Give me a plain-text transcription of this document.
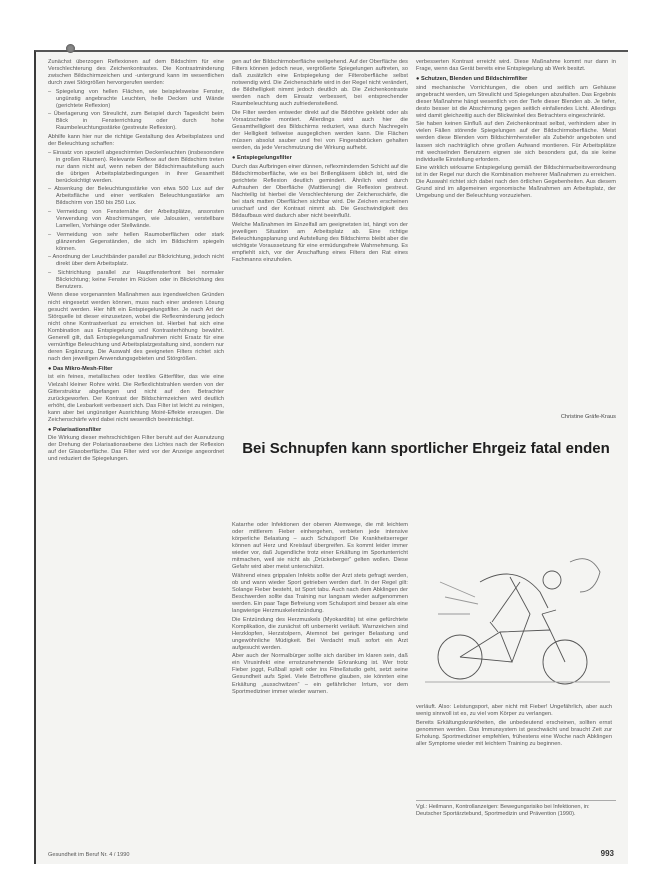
Zunächst überzogen Reflexionen auf dem Bildschirm für eine Verschlechterung des Zeichenkontrastes. Die Kontrastminderung zwischen Bildschirmzeichen und -untergrund kann im wesentlichen durch zwei Störgrößen hervorgerufen werden:

– Spiegelung von hellen Flächen, wie beispielsweise Fenster, ungünstig angebrachte Leuchten, helle Decken und Wände (gerichtete Reflexion)

– Überlagerung von Streulicht, zum Beispiel durch Tageslicht beim Blick in Fensterrichtung oder durch hohe Raumbeleuchtungsstärke (gestreute Reflexion).

Abhilfe kann hier nur die richtige Gestaltung des Arbeitsplatzes und der Beleuchtung schaffen:

– Einsatz von speziell abgeschirmten Deckenleuchten (insbesondere in großen Räumen). Relevante Reflexe auf dem Bildschirm treten nur dann nicht auf, wenn neben der Bildschirmaufstellung auch die übrigen Arbeitsplatzbedingungen in ihrer Gesamtheit berücksichtigt werden.

– Absenkung der Beleuchtungsstärke von etwa 500 Lux auf der Arbeitsfläche und einer vertikalen Beleuchtungsstärke am Bildschirm von 150 bis 250 Lux.

– Vermeidung von Fensternähe der Arbeitsplätze, ansonsten Verwendung von Abschirmungen, wie Jalousien, verstellbare Lamellen, Vorhänge oder Stellwände.

– Vermeidung von sehr hellen Raumoberflächen oder stark glänzenden Gegenständen, die sich im Bildschirm spiegeln können.

– Anordnung der Leuchtbänder parallel zur Blickrichtung, jedoch nicht direkt über dem Arbeitsplatz.

– Sichtrichtung parallel zur Hauptfensterfront bei normaler Blickrichtung; keine Fenster im Rücken oder in Blickrichtung des Benutzers.

Wenn diese vorgenannten Maßnahmen aus irgendwelchen Gründen nicht eingesetzt werden können, muss nach einer anderen Lösung gesucht werden. Hier hilft ein Entspiegelungsfilter. Je nach Art der Störquelle ist dieser einzusetzen, wobei die Reflexminderung jedoch nicht ohne Kontrastverlust zu erreichen ist. Hierbei hat sich eine Kombination aus Entspiegelung und Kontrasterhöhung bewährt. Generell gilt, daß Entspiegelungsmaßnahmen nicht Ersatz für eine vernünftige Beleuchtung und Arbeitsplatzgestaltung sind, sondern nur deren Ergänzung. Die Auswahl des geeigneten Filters richtet sich nach den jeweiligen Anwendungsgebieten und Störgrößen.

● Das Mikro-Mesh-Filter

ist ein feines, metallisches oder textiles Gitterfilter, das wie eine Vielzahl kleiner Rohre wirkt. Die Reflexlichtstrahlen werden von der Gitterstruktur abgefangen und nicht auf den Betrachter zurückgeworfen. Der Kontrast der Bildschirmzeichen wird deutlich erhöht, die Lesbarkeit verbessert sich. Das Filter ist leicht zu reinigen, kann aber bei ungünstiger Ausrichtung Moiré-Effekte erzeugen. Die Zeichenschärfe wird dabei nicht wesentlich beeinträchtigt.

● Polarisationsfilter

Die Wirkung dieser mehrschichtigen Filter beruht auf der Ausnutzung der Drehung der Polarisationsebene des Lichtes nach der Reflexion auf der Glasoberfläche. Das Filter wird vor der Anzeige angeordnet und reduziert die Spiegelungen.

gen auf der Bildschirmoberfläche weitgehend. Auf der Oberfläche des Filters können jedoch neue, vergrößerte Spiegelungen auftreten, so daß zusätzlich eine Entspiegelung der Filteroberfläche selbst notwendig wird. Die Zeichenschärfe wird in der Regel nicht verändert, die Bildhelligkeit nimmt jedoch deutlich ab. Die Zeichenkontraste werden nach dem Einsatz verbessert, bei entsprechender Raumbeleuchtung auch zufriedenstellend.

Die Filter werden entweder direkt auf die Bildröhre geklebt oder als Vorsatzscheibe montiert. Allerdings wird auch hier die Gesamthelligkeit des Bildschirms reduziert, was durch Nachregeln der Helligkeit teilweise ausgeglichen werden kann. Die Flächen müssen absolut sauber und frei von Fingerabdrücken gehalten werden, da jede Verschmutzung die Wirkung aufhebt.

● Entspiegelungsfilter

Durch das Aufbringen einer dünnen, reflexmindernden Schicht auf die Bildschirmoberfläche, wie es bei Brillengläsern üblich ist, wird die gerichtete Reflexion deutlich gemindert. Ähnlich wird durch Aufrauhen der Oberfläche (Matttierung) die Reflexion gestreut. Nachteilig ist hierbei die Verschlechterung der Zeichenschärfe, die bei stark matten Oberflächen sichtbar wird. Die Zeichen erscheinen unscharf und der Kontrast nimmt ab. Die Geschwindigkeit des Bildaufbaus wird dadurch aber nicht beeinflußt.

Welche Maßnahmen im Einzelfall am geeignetsten ist, hängt von der jeweiligen Situation am Arbeitsplatz ab. Eine richtige Beleuchtungsplanung und Aufstellung des Bildschirms bleibt aber die wichtigste Voraussetzung für eine ermüdungsfreie Wahrnehmung. Es empfiehlt sich, vor der Anschaffung eines Filters den Rat eines Fachmanns einzuholen.

verbesserten Kontrast erreicht wird. Diese Maßnahme kommt nur dann in Frage, wenn das Gerät bereits eine Entspiegelung ab Werk besitzt.

● Schutzen, Blenden und Bildschirmfilter

sind mechanische Vorrichtungen, die oben und seitlich am Gehäuse angebracht werden, um Streulicht und Spiegelungen abzuhalten. Das Ergebnis dieser Maßnahme hängt wesentlich von der Tiefe dieser Blenden ab. Je tiefer, desto besser ist die Abschirmung gegen seitlich einfallendes Licht. Allerdings wird damit gleichzeitig auch der Blickwinkel des Betrachters eingeschränkt.

Sie haben keinen Einfluß auf den Zeichenkontrast selbst, verhindern aber in vielen Fällen störende Spiegelungen auf der Bildschirmoberfläche. Meist werden diese Blenden vom Bildschirmhersteller als Zubehör angeboten und lassen sich nachträglich ohne großen Aufwand montieren. Für Arbeitsplätze mit wechselnden Benutzern eignen sie sich besonders gut, da sie keine individuelle Einstellung erfordern.

Eine wirklich wirksame Entspiegelung gemäß der Bildschirmarbeitsverordnung ist in der Regel nur durch die Kombination mehrerer Maßnahmen zu erreichen. Die Auswahl richtet sich dabei nach den örtlichen Gegebenheiten. Aus diesem Grund sind im allgemeinen ergonomische Maßnahmen am Arbeitsplatz, der Umgebung und der Beleuchtung vorzuziehen.

Christine Gräfe-Kraus
Bei Schnupfen kann sportlicher Ehrgeiz fatal enden

Katarrhe oder Infektionen der oberen Atemwege, die mit leichtem oder mittlerem Fieber einhergehen, verbieten jede intensive körperliche Belastung – auch Schulsport! Die Krankheitserreger können auf Herz und Kreislauf übergreifen. Es kommt leider immer wieder vor, daß Jugendliche trotz einer Erkältung im Sportunterricht mitmachen, weil sie nicht als „Drückeberger“ gelten wollen. Diese Gefahr wird aber meist unterschätzt.

Während eines grippalen Infekts sollte der Arzt stets gefragt werden, ob und wann wieder Sport getrieben werden darf. In der Regel gilt: Solange Fieber besteht, ist Sport tabu. Auch nach dem Abklingen der Beschwerden sollte das Training nur langsam wieder aufgenommen werden. Ein paar Tage Befreiung vom Schulsport sind besser als eine langwierige Herzmuskelentzündung.

Die Entzündung des Herzmuskels (Myokarditis) ist eine gefürchtete Komplikation, die zunächst oft unbemerkt verläuft. Warnzeichen sind Herzklopfen, Herzstolpern, Atemnot bei geringer Belastung und ungewöhnliche Müdigkeit. Bei Verdacht muß sofort ein Arzt aufgesucht werden.

Aber auch der Normalbürger sollte sich darüber im klaren sein, daß ein Virusinfekt eine ernstzunehmende Erkrankung ist. Wer trotz Fieber joggt, Fußball spielt oder ins Fitneßstudio geht, setzt seine Gesundheit aufs Spiel. Viele Betroffene glauben, sie könnten eine Erkältung „ausschwitzen“ – ein gefährlicher Irrtum, vor dem Sportmediziner immer wieder warnen.

verläuft. Also: Leistungsport, aber nicht mit Fieber! Ungefährlich, aber auch wenig sinnvoll ist es, zu viel vom Körper zu verlangen.

Bereits Erkältungskrankheiten, die unbedeutend erscheinen, sollten ernst genommen werden. Das Immunsystem ist geschwächt und braucht Zeit zur Erholung. Sportmediziner empfehlen, frühestens eine Woche nach Abklingen aller Symptome wieder mit leichtem Training zu beginnen.

Vgl.: Heilmann, Kontrollanzeigen: Bewegungsrisiko bei Infektionen, in: Deutscher Sportärztebund, Sportmedizin und Prävention (1990).
Gesundheit im Beruf Nr. 4 / 1990	993
